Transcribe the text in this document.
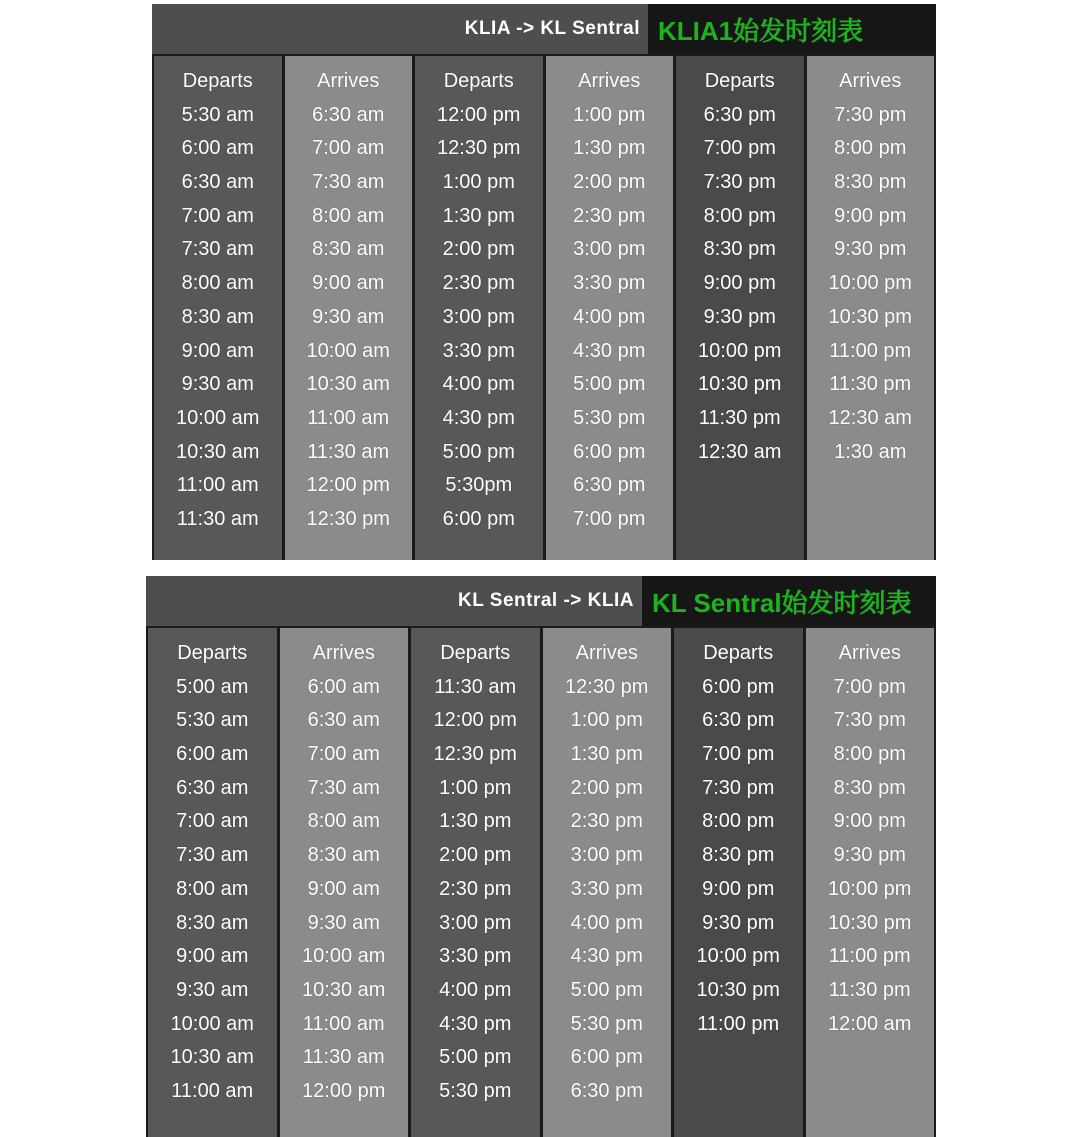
KLIA -> KL Sentral KLIA1始发时刻表
Departs
5:30 am
6:00 am
6:30 am
7:00 am
7:30 am
8:00 am
8:30 am
9:00 am
9:30 am
10:00 am
10:30 am
11:00 am
11:30 am
Arrives
6:30 am
7:00 am
7:30 am
8:00 am
8:30 am
9:00 am
9:30 am
10:00 am
10:30 am
11:00 am
11:30 am
12:00 pm
12:30 pm
Departs
12:00 pm
12:30 pm
1:00 pm
1:30 pm
2:00 pm
2:30 pm
3:00 pm
3:30 pm
4:00 pm
4:30 pm
5:00 pm
5:30pm
6:00 pm
Arrives
1:00 pm
1:30 pm
2:00 pm
2:30 pm
3:00 pm
3:30 pm
4:00 pm
4:30 pm
5:00 pm
5:30 pm
6:00 pm
6:30 pm
7:00 pm
Departs
6:30 pm
7:00 pm
7:30 pm
8:00 pm
8:30 pm
9:00 pm
9:30 pm
10:00 pm
10:30 pm
11:30 pm
12:30 am
Arrives
7:30 pm
8:00 pm
8:30 pm
9:00 pm
9:30 pm
10:00 pm
10:30 pm
11:00 pm
11:30 pm
12:30 am
1:30 am
KL Sentral -> KLIA KL Sentral始发时刻表
Departs
5:00 am
5:30 am
6:00 am
6:30 am
7:00 am
7:30 am
8:00 am
8:30 am
9:00 am
9:30 am
10:00 am
10:30 am
11:00 am
Arrives
6:00 am
6:30 am
7:00 am
7:30 am
8:00 am
8:30 am
9:00 am
9:30 am
10:00 am
10:30 am
11:00 am
11:30 am
12:00 pm
Departs
11:30 am
12:00 pm
12:30 pm
1:00 pm
1:30 pm
2:00 pm
2:30 pm
3:00 pm
3:30 pm
4:00 pm
4:30 pm
5:00 pm
5:30 pm
Arrives
12:30 pm
1:00 pm
1:30 pm
2:00 pm
2:30 pm
3:00 pm
3:30 pm
4:00 pm
4:30 pm
5:00 pm
5:30 pm
6:00 pm
6:30 pm
Departs
6:00 pm
6:30 pm
7:00 pm
7:30 pm
8:00 pm
8:30 pm
9:00 pm
9:30 pm
10:00 pm
10:30 pm
11:00 pm
Arrives
7:00 pm
7:30 pm
8:00 pm
8:30 pm
9:00 pm
9:30 pm
10:00 pm
10:30 pm
11:00 pm
11:30 pm
12:00 am
